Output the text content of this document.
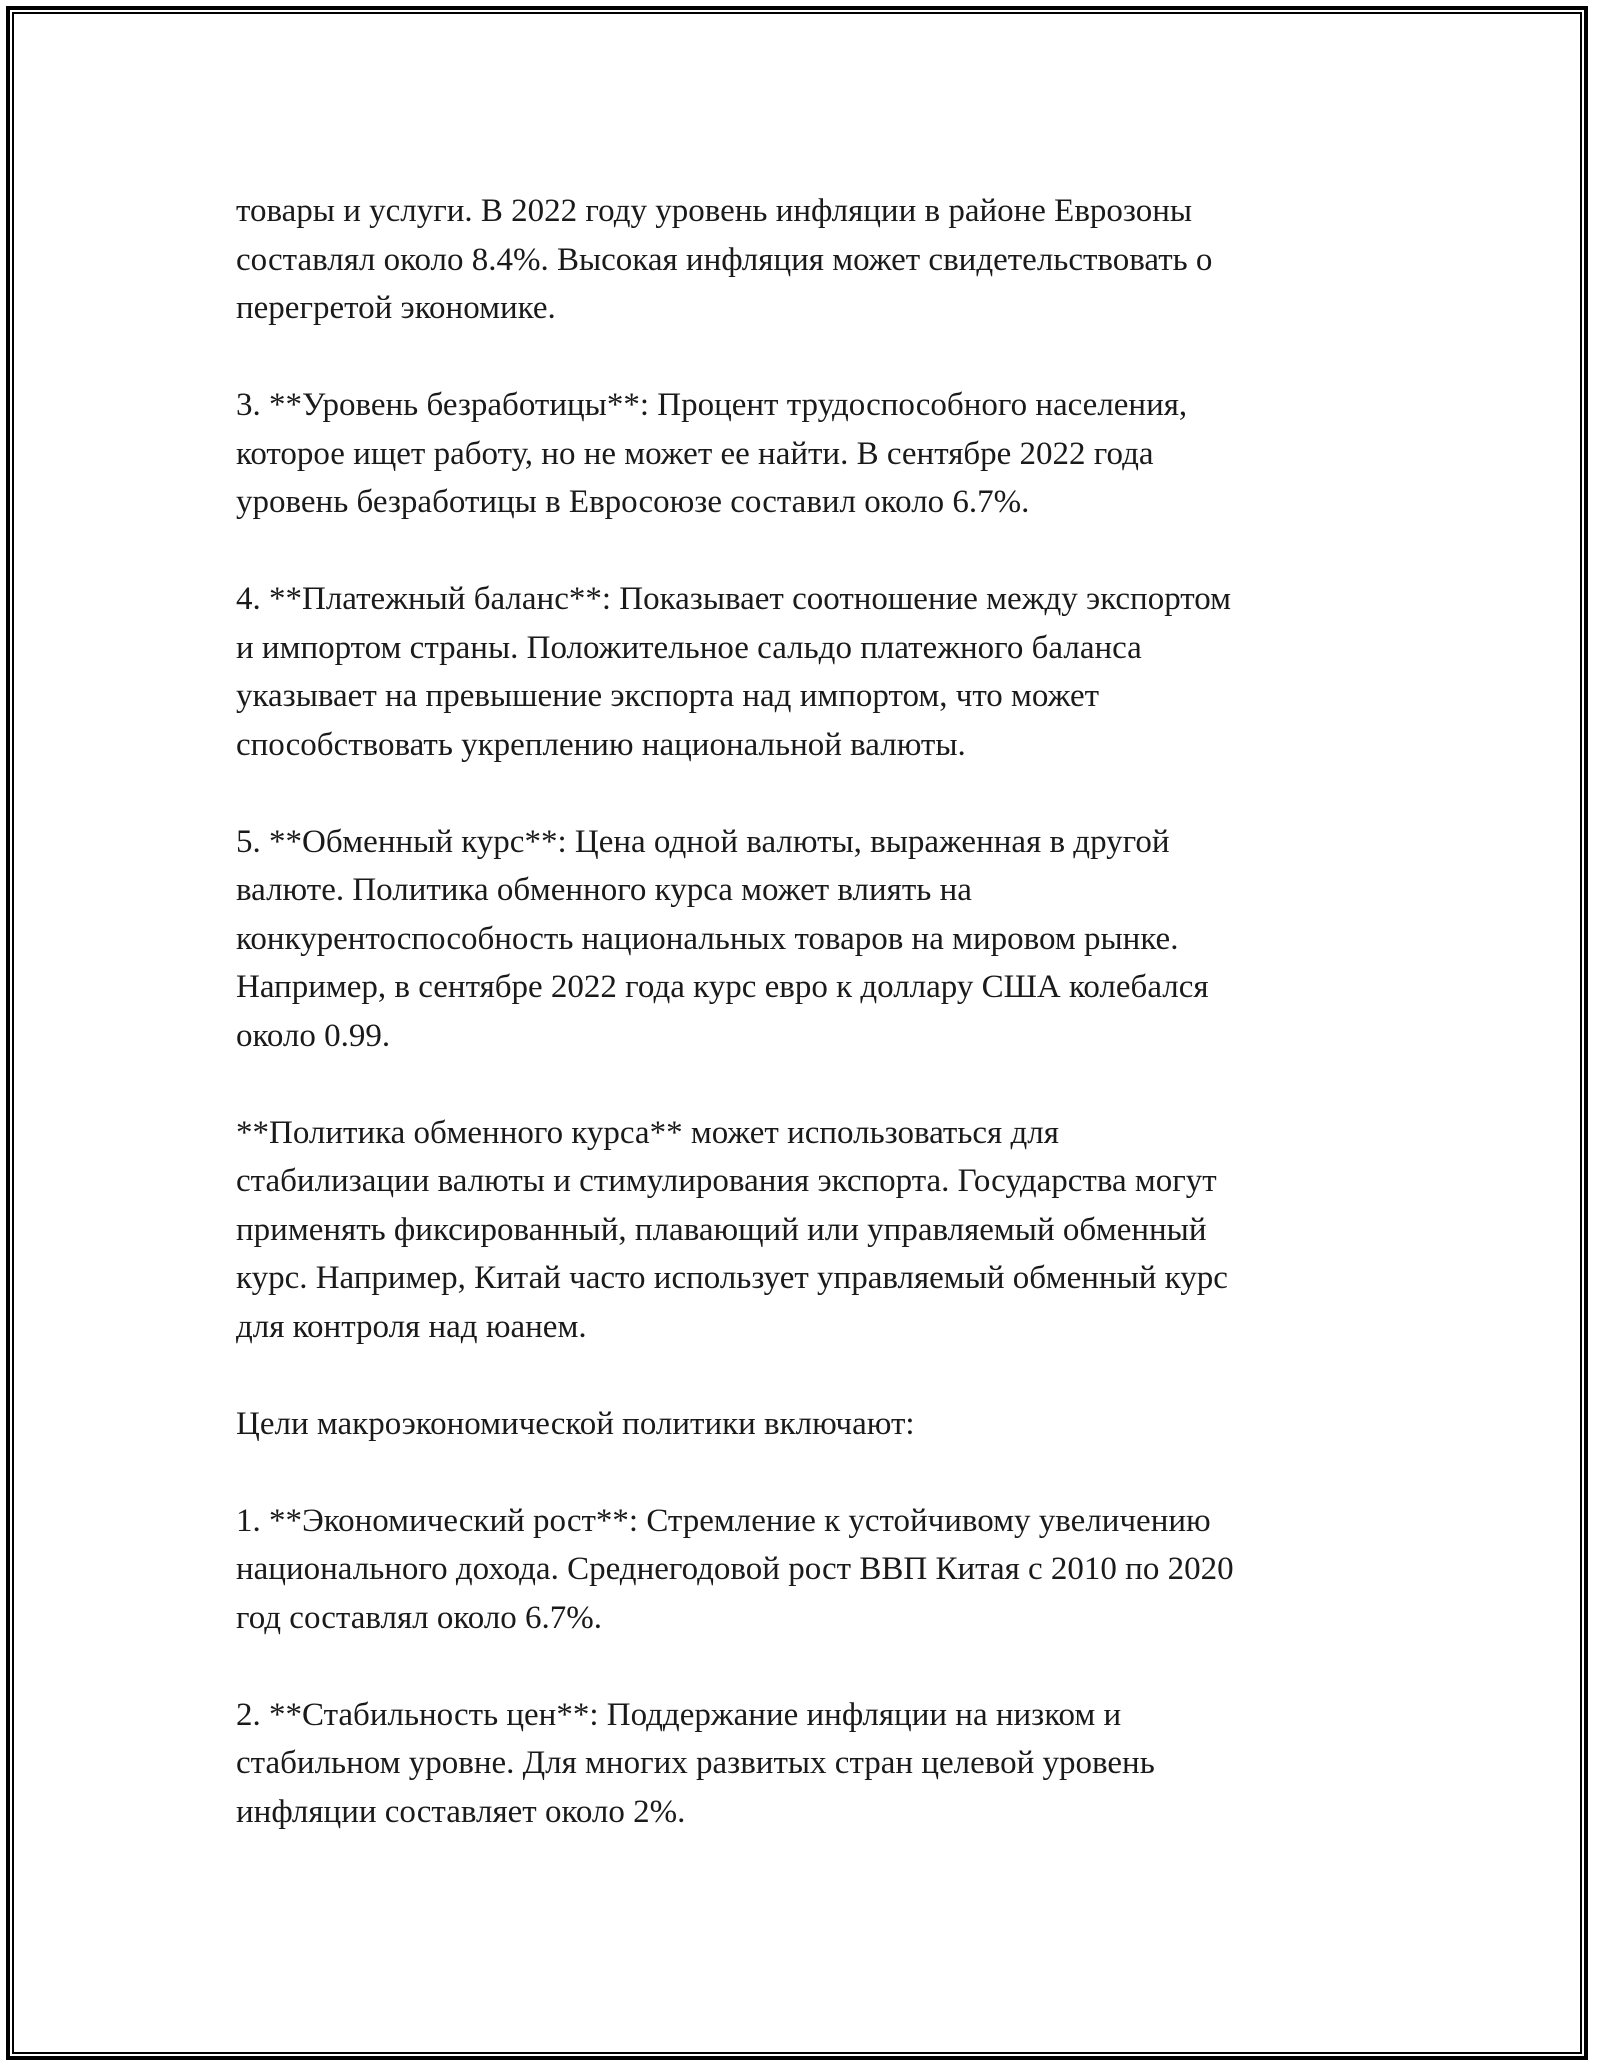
товары и услуги. В 2022 году уровень инфляции в районе Еврозоны
составлял около 8.4%. Высокая инфляция может свидетельствовать о
перегретой экономике.

3. **Уровень безработицы**: Процент трудоспособного населения,
которое ищет работу, но не может ее найти. В сентябре 2022 года
уровень безработицы в Евросоюзе составил около 6.7%.

4. **Платежный баланс**: Показывает соотношение между экспортом
и импортом страны. Положительное сальдо платежного баланса
указывает на превышение экспорта над импортом, что может
способствовать укреплению национальной валюты.

5. **Обменный курс**: Цена одной валюты, выраженная в другой
валюте. Политика обменного курса может влиять на
конкурентоспособность национальных товаров на мировом рынке.
Например, в сентябре 2022 года курс евро к доллару США колебался
около 0.99.

**Политика обменного курса** может использоваться для
стабилизации валюты и стимулирования экспорта. Государства могут
применять фиксированный, плавающий или управляемый обменный
курс. Например, Китай часто использует управляемый обменный курс
для контроля над юанем.

Цели макроэкономической политики включают:

1. **Экономический рост**: Стремление к устойчивому увеличению
национального дохода. Среднегодовой рост ВВП Китая с 2010 по 2020
год составлял около 6.7%.

2. **Стабильность цен**: Поддержание инфляции на низком и
стабильном уровне. Для многих развитых стран целевой уровень
инфляции составляет около 2%.
